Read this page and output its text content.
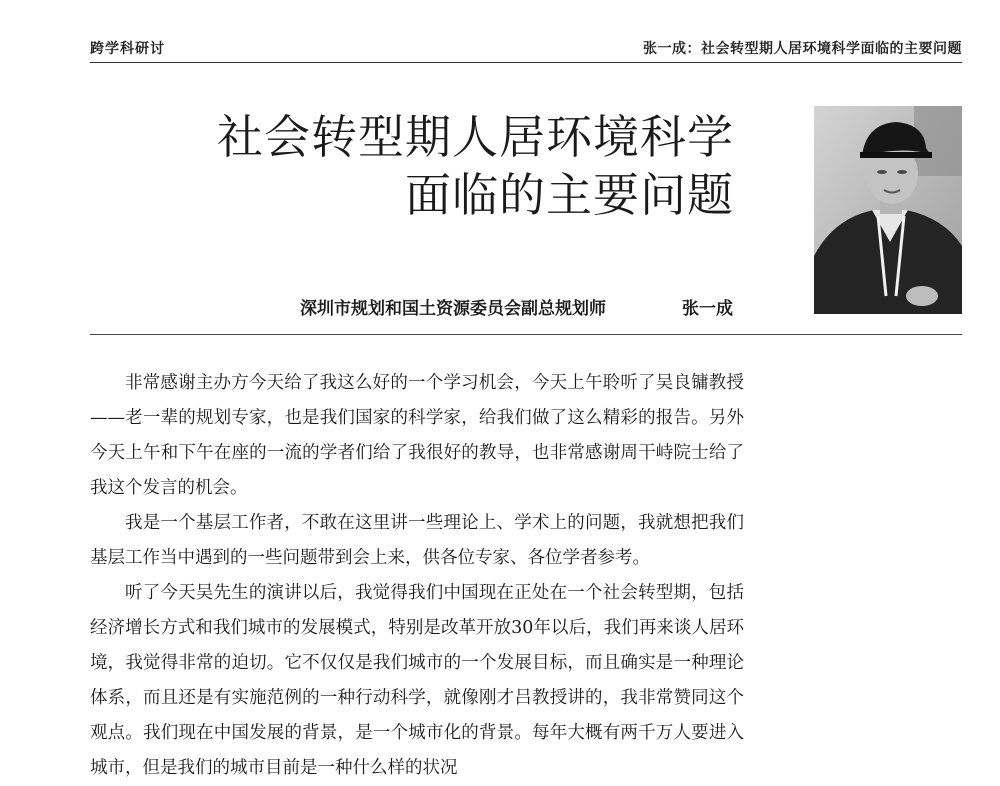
跨学科研讨	张一成：社会转型期人居环境科学面临的主要问题
社会转型期人居环境科学
面临的主要问题
深圳市规划和国土资源委员会副总规划师	张一成

非常感谢主办方今天给了我这么好的一个学习机会，今天上午聆听了吴良镛教授——老一辈的规划专家，也是我们国家的科学家，给我们做了这么精彩的报告。另外今天上午和下午在座的一流的学者们给了我很好的教导，也非常感谢周干峙院士给了我这个发言的机会。

我是一个基层工作者，不敢在这里讲一些理论上、学术上的问题，我就想把我们基层工作当中遇到的一些问题带到会上来，供各位专家、各位学者参考。

听了今天吴先生的演讲以后，我觉得我们中国现在正处在一个社会转型期，包括经济增长方式和我们城市的发展模式，特别是改革开放30年以后，我们再来谈人居环境，我觉得非常的迫切。它不仅仅是我们城市的一个发展目标，而且确实是一种理论体系，而且还是有实施范例的一种行动科学，就像刚才吕教授讲的，我非常赞同这个观点。我们现在中国发展的背景，是一个城市化的背景。每年大概有两千万人要进入城市，但是我们的城市目前是一种什么样的状况
